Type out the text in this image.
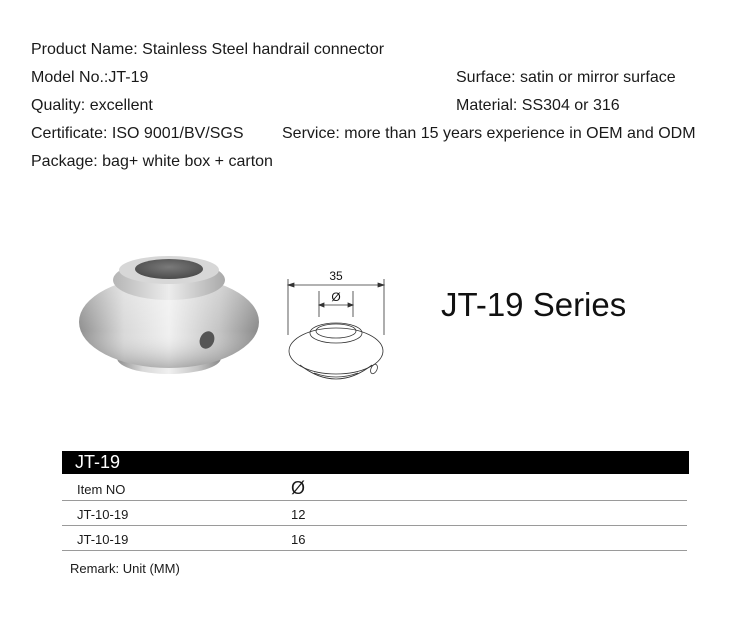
Product Name: Stainless Steel handrail connector
Model No.:JT-19	Surface: satin or mirror surface
Quality: excellent	Material: SS304 or 316
Certificate: ISO 9001/BV/SGS Service: more than 15 years experience in OEM and ODM
Package: bag+ white box + carton
35
Ø	JT-19 Series
JT-19
Item NO	Ø
JT-10-19	12
JT-10-19	16
Remark: Unit (MM)
